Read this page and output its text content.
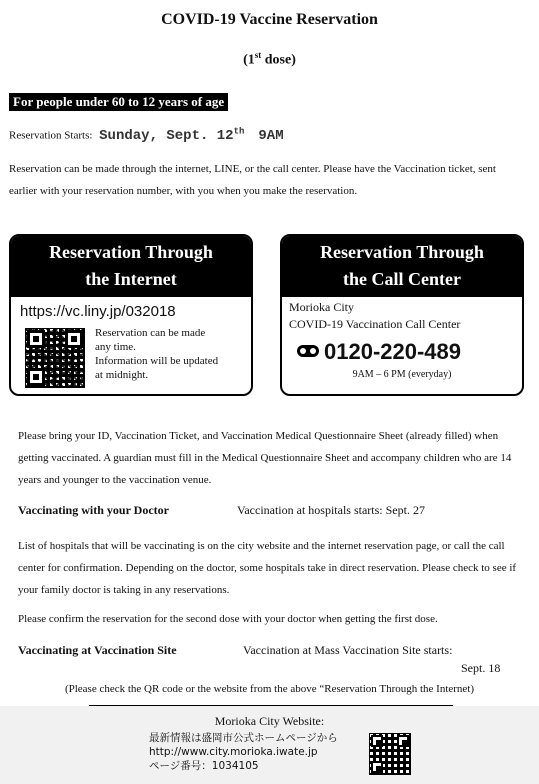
COVID-19 Vaccine Reservation
(1st dose)
For people under 60 to 12 years of age
Reservation Starts: Sunday, Sept. 12th 9AM
Reservation can be made through the internet, LINE, or the call center. Please have the Vaccination ticket, sent earlier with your reservation number, with you when you make the reservation.
Reservation Through
the Internet
https://vc.liny.jp/032018
Reservation can be made
any time.
Information will be updated
at midnight.
Reservation Through
the Call Center
Morioka City
COVID-19 Vaccination Call Center
0120-220-489
9AM – 6 PM (everyday)
Please bring your ID, Vaccination Ticket, and Vaccination Medical Questionnaire Sheet (already filled) when getting vaccinated. A guardian must fill in the Medical Questionnaire Sheet and accompany children who are 14 years and younger to the vaccination venue.
Vaccinating with your Doctor	Vaccination at hospitals starts: Sept. 27
List of hospitals that will be vaccinating is on the city website and the internet reservation page, or call the call center for confirmation. Depending on the doctor, some hospitals take in direct reservation. Please check to see if your family doctor is taking in any reservations.
Please confirm the reservation for the second dose with your doctor when getting the first dose.
Vaccinating at Vaccination Site	Vaccination at Mass Vaccination Site starts:
Sept. 18
(Please check the QR code or the website from the above “Reservation Through the Internet)
Morioka City Website:
最新情報は盛岡市公式ホームページから
http://www.city.morioka.iwate.jp
ページ番号：1034105
